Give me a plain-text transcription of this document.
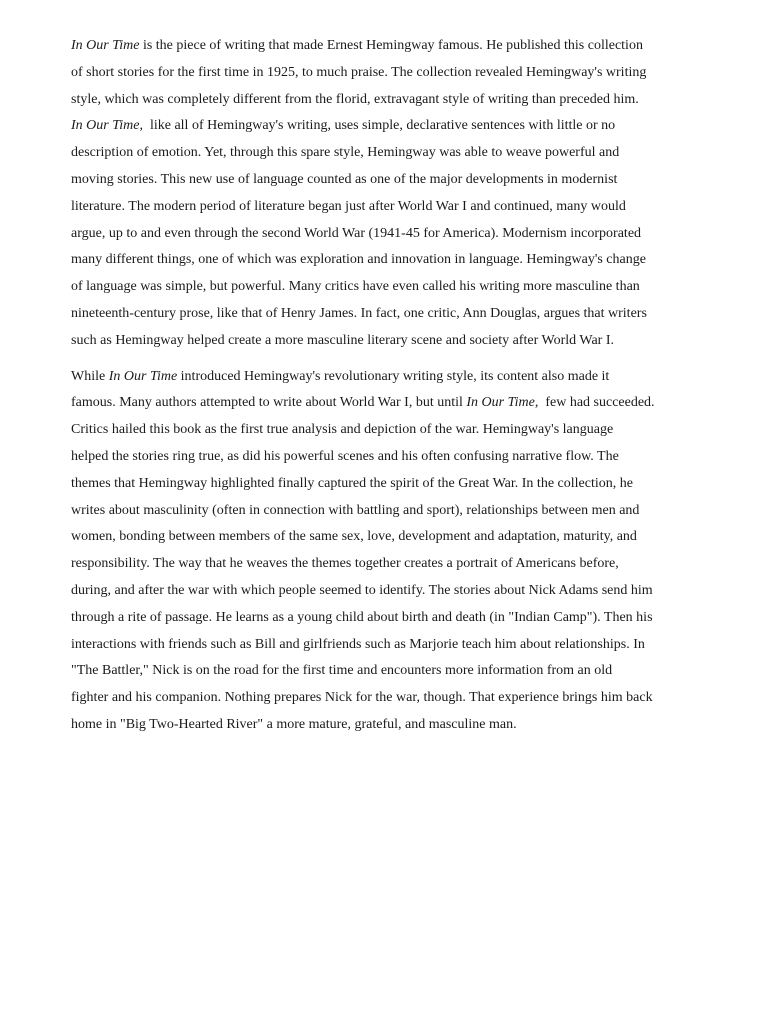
In Our Time is the piece of writing that made Ernest Hemingway famous. He published this collection
of short stories for the first time in 1925, to much praise. The collection revealed Hemingway's writing
style, which was completely different from the florid, extravagant style of writing than preceded him.
In Our Time,  like all of Hemingway's writing, uses simple, declarative sentences with little or no
description of emotion. Yet, through this spare style, Hemingway was able to weave powerful and
moving stories. This new use of language counted as one of the major developments in modernist
literature. The modern period of literature began just after World War I and continued, many would
argue, up to and even through the second World War (1941-45 for America). Modernism incorporated
many different things, one of which was exploration and innovation in language. Hemingway's change
of language was simple, but powerful. Many critics have even called his writing more masculine than
nineteenth-century prose, like that of Henry James. In fact, one critic, Ann Douglas, argues that writers
such as Hemingway helped create a more masculine literary scene and society after World War I.

While In Our Time introduced Hemingway's revolutionary writing style, its content also made it
famous. Many authors attempted to write about World War I, but until In Our Time,  few had succeeded.
Critics hailed this book as the first true analysis and depiction of the war. Hemingway's language
helped the stories ring true, as did his powerful scenes and his often confusing narrative flow. The
themes that Hemingway highlighted finally captured the spirit of the Great War. In the collection, he
writes about masculinity (often in connection with battling and sport), relationships between men and
women, bonding between members of the same sex, love, development and adaptation, maturity, and
responsibility. The way that he weaves the themes together creates a portrait of Americans before,
during, and after the war with which people seemed to identify. The stories about Nick Adams send him
through a rite of passage. He learns as a young child about birth and death (in "Indian Camp"). Then his
interactions with friends such as Bill and girlfriends such as Marjorie teach him about relationships. In
"The Battler," Nick is on the road for the first time and encounters more information from an old
fighter and his companion. Nothing prepares Nick for the war, though. That experience brings him back
home in "Big Two-Hearted River" a more mature, grateful, and masculine man.
